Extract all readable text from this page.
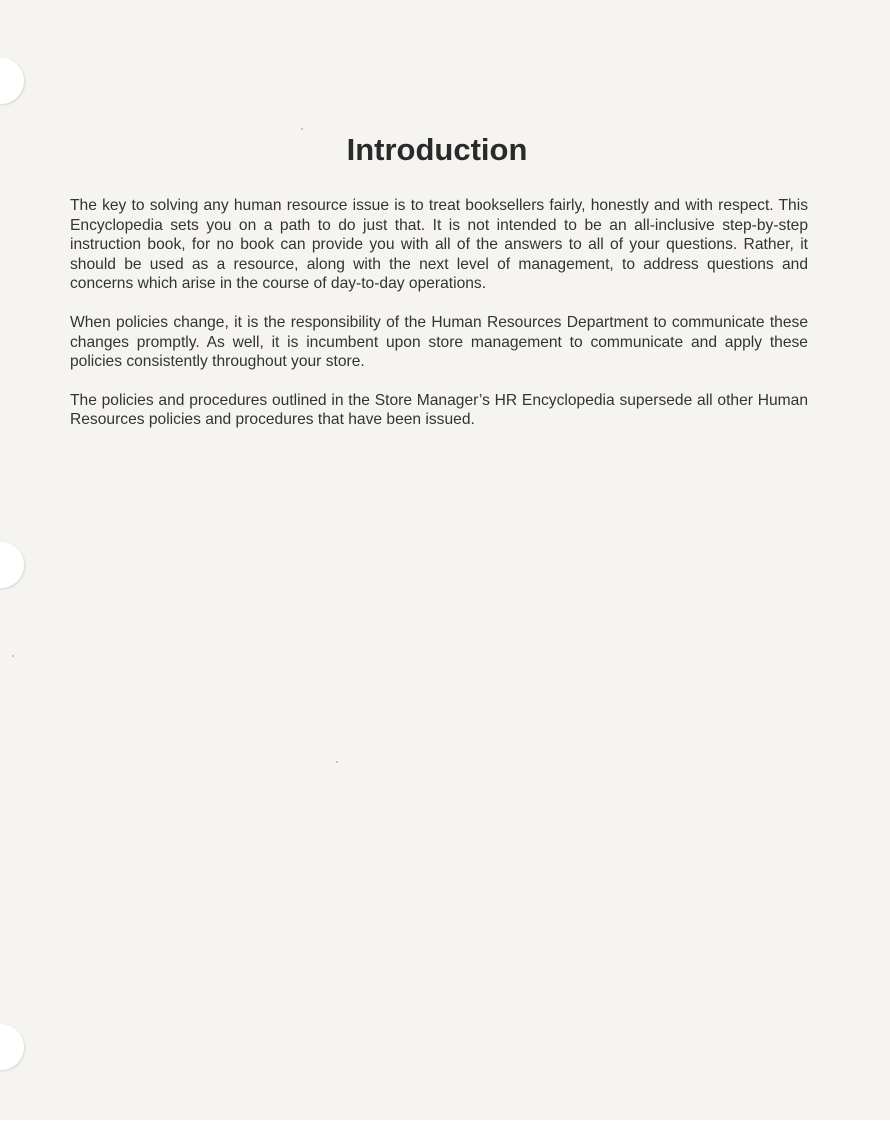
Introduction

The key to solving any human resource issue is to treat booksellers fairly, honestly and with respect. This Encyclopedia sets you on a path to do just that. It is not intended to be an all-inclusive step-by-step instruction book, for no book can provide you with all of the answers to all of your questions. Rather, it should be used as a resource, along with the next level of management, to address questions and concerns which arise in the course of day-to-day operations.

When policies change, it is the responsibility of the Human Resources Department to communicate these changes promptly. As well, it is incumbent upon store management to communicate and apply these policies consistently throughout your store.

The policies and procedures outlined in the Store Manager’s HR Encyclopedia supersede all other Human Resources policies and procedures that have been issued.
